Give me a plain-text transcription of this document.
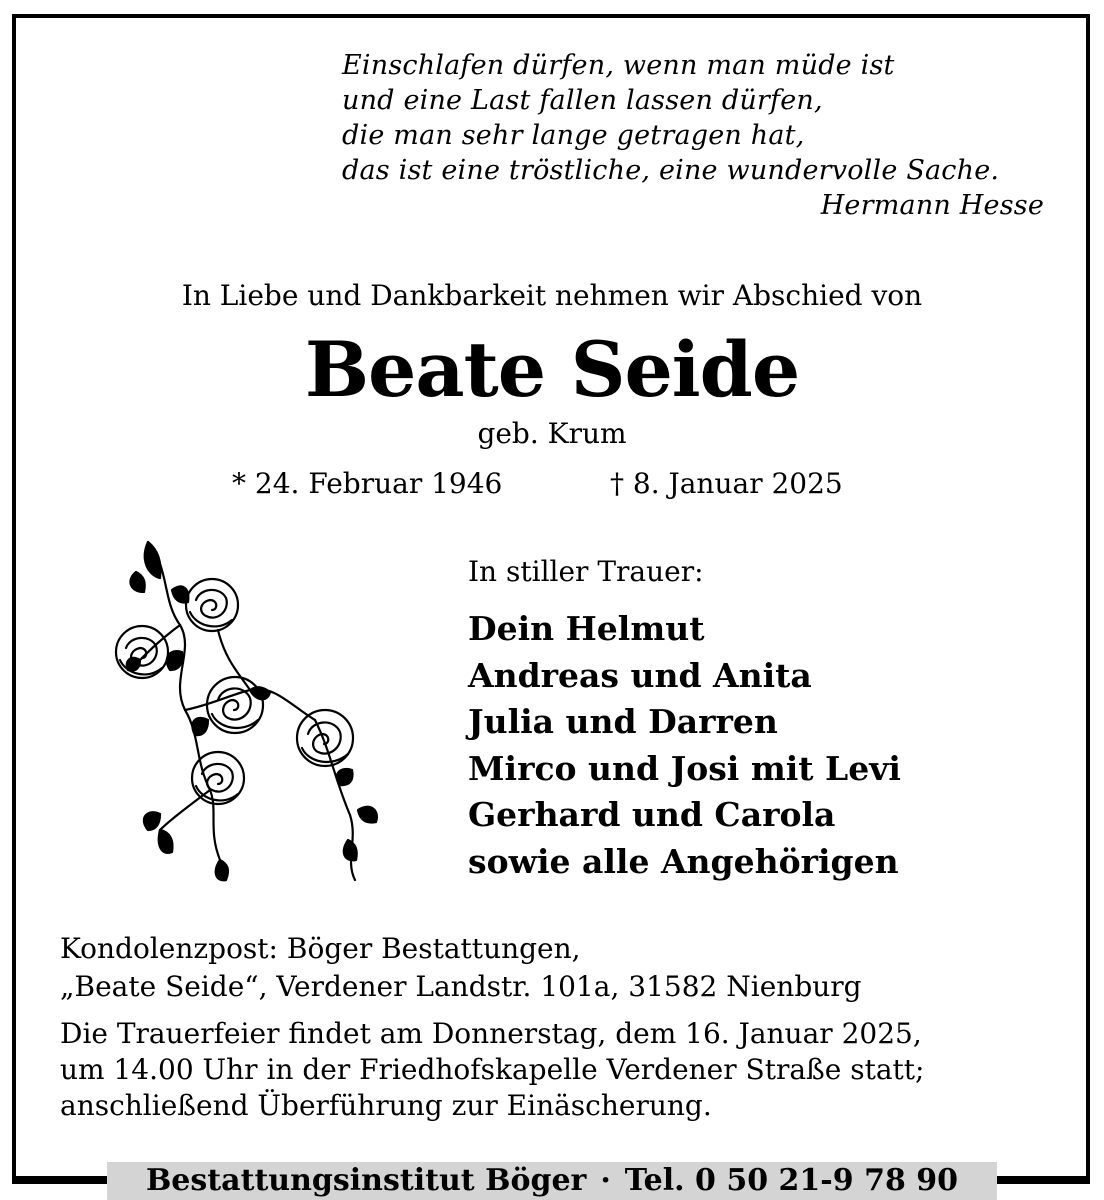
Einschlafen dürfen, wenn man müde ist
und eine Last fallen lassen dürfen,
die man sehr lange getragen hat,
das ist eine tröstliche, eine wundervolle Sache.
Hermann Hesse
In Liebe und Dankbarkeit nehmen wir Abschied von
Beate Seide
geb. Krum
* 24. Februar 1946	† 8. Januar 2025
In stiller Trauer:
Dein Helmut
Andreas und Anita
Julia und Darren
Mirco und Josi mit Levi
Gerhard und Carola
sowie alle Angehörigen
Kondolenzpost: Böger Bestattungen,
„Beate Seide“, Verdener Landstr. 101a, 31582 Nienburg
Die Trauerfeier findet am Donnerstag, dem 16. Januar 2025,
um 14.00 Uhr in der Friedhofskapelle Verdener Straße statt;
anschließend Überführung zur Einäscherung.
Bestattungsinstitut Böger · Tel. 0 50 21-9 78 90
